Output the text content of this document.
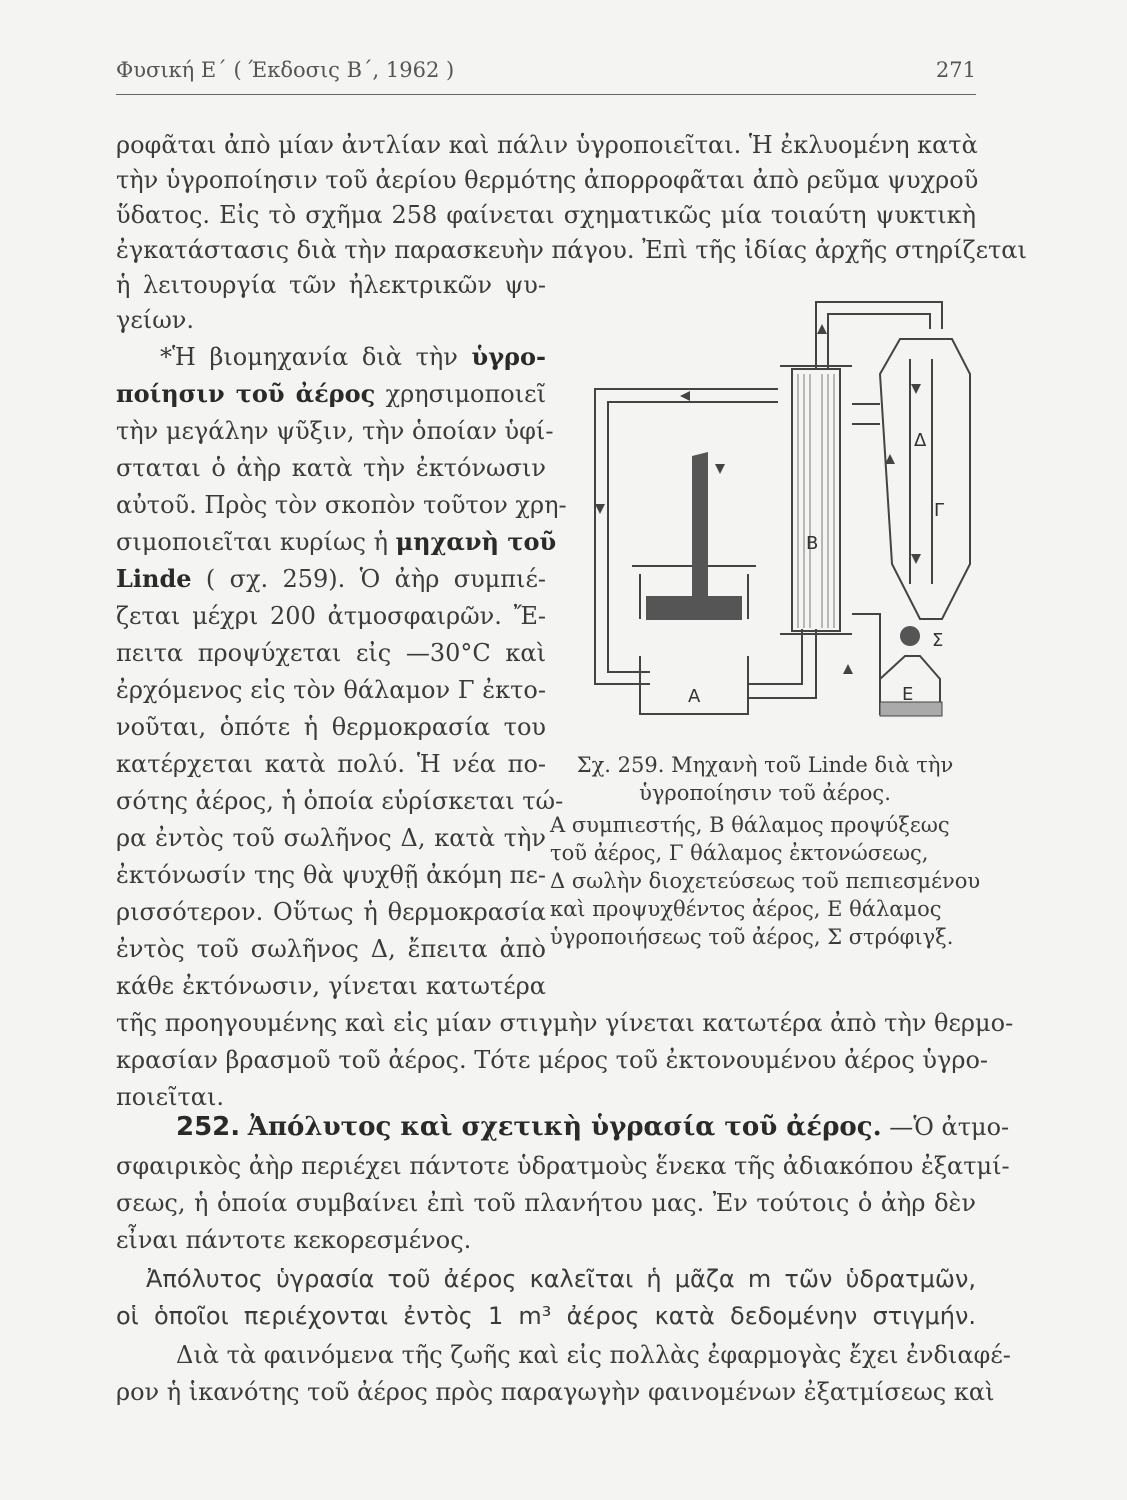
Φυσική Ε΄ ( Έκδοσις Β΄, 1962 )	271
ροφᾶται ἀπὸ μίαν ἀντλίαν καὶ πάλιν ὑγροποιεῖται. Ἡ ἐκλυομένη κατὰ
τὴν ὑγροποίησιν τοῦ ἀερίου θερμότης ἀπορροφᾶται ἀπὸ ρεῦμα ψυχροῦ
ὕδατος. Εἰς τὸ σχῆμα 258 φαίνεται σχηματικῶς μία τοιαύτη ψυκτικὴ
ἐγκατάστασις διὰ τὴν παρασκευὴν πάγου. Ἐπὶ τῆς ἰδίας ἀρχῆς στηρίζεται
ἡ λειτουργία τῶν ἠλεκτρικῶν ψυ-
γείων.
*Ἡ βιομηχανία διὰ τὴν ὑγρο-
ποίησιν τοῦ ἀέρος χρησιμοποιεῖ
τὴν μεγάλην ψῦξιν, τὴν ὁποίαν ὑφί-
σταται ὁ ἀὴρ κατὰ τὴν ἐκτόνωσιν
αὐτοῦ. Πρὸς τὸν σκοπὸν τοῦτον χρη-
σιμοποιεῖται κυρίως ἡ μηχανὴ τοῦ
Linde ( σχ. 259). Ὁ ἀὴρ συμπιέ-
ζεται μέχρι 200 ἀτμοσφαιρῶν. Ἔ-
πειτα προψύχεται εἰς —30°C καὶ
ἐρχόμενος εἰς τὸν θάλαμον Γ ἐκτο-
νοῦται, ὁπότε ἡ θερμοκρασία του
κατέρχεται κατὰ πολύ. Ἡ νέα πο-
σότης ἀέρος, ἡ ὁποία εὑρίσκεται τώ-
ρα ἐντὸς τοῦ σωλῆνος Δ, κατὰ τὴν
ἐκτόνωσίν της θὰ ψυχθῇ ἀκόμη πε-
ρισσότερον. Οὕτως ἡ θερμοκρασία
ἐντὸς τοῦ σωλῆνος Δ, ἔπειτα ἀπὸ
κάθε ἐκτόνωσιν, γίνεται κατωτέρα
τῆς προηγουμένης καὶ εἰς μίαν στιγμὴν γίνεται κατωτέρα ἀπὸ τὴν θερμο-
κρασίαν βρασμοῦ τοῦ ἀέρος. Τότε μέρος τοῦ ἐκτονουμένου ἀέρος ὑγρο-
ποιεῖται.
A
B
Γ
Δ
E
Σ
Σχ. 259. Μηχανὴ τοῦ Linde διὰ τὴν
ὑγροποίησιν τοῦ ἀέρος.
Α συμπιεστής, Β θάλαμος προψύξεως
τοῦ ἀέρος, Γ θάλαμος ἐκτονώσεως,
Δ σωλὴν διοχετεύσεως τοῦ πεπιεσμένου
καὶ προψυχθέντος ἀέρος, Ε θάλαμος
ὑγροποιήσεως τοῦ ἀέρος, Σ στρόφιγξ.
252. Ἀπόλυτος καὶ σχετικὴ ὑγρασία τοῦ ἀέρος. —Ὁ ἀτμο-
σφαιρικὸς ἀὴρ περιέχει πάντοτε ὑδρατμοὺς ἕνεκα τῆς ἀδιακόπου ἐξατμί-
σεως, ἡ ὁποία συμβαίνει ἐπὶ τοῦ πλανήτου μας. Ἐν τούτοις ὁ ἀὴρ δὲν
εἶναι πάντοτε κεκορεσμένος.
Ἀπόλυτος ὑγρασία τοῦ ἀέρος καλεῖται ἡ μᾶζα m τῶν ὑδρατμῶν,
οἱ ὁποῖοι περιέχονται ἐντὸς 1 m³ ἀέρος κατὰ δεδομένην στιγμήν.
Διὰ τὰ φαινόμενα τῆς ζωῆς καὶ εἰς πολλὰς ἐφαρμογὰς ἔχει ἐνδιαφέ-
ρον ἡ ἱκανότης τοῦ ἀέρος πρὸς παραγωγὴν φαινομένων ἐξατμίσεως καὶ
